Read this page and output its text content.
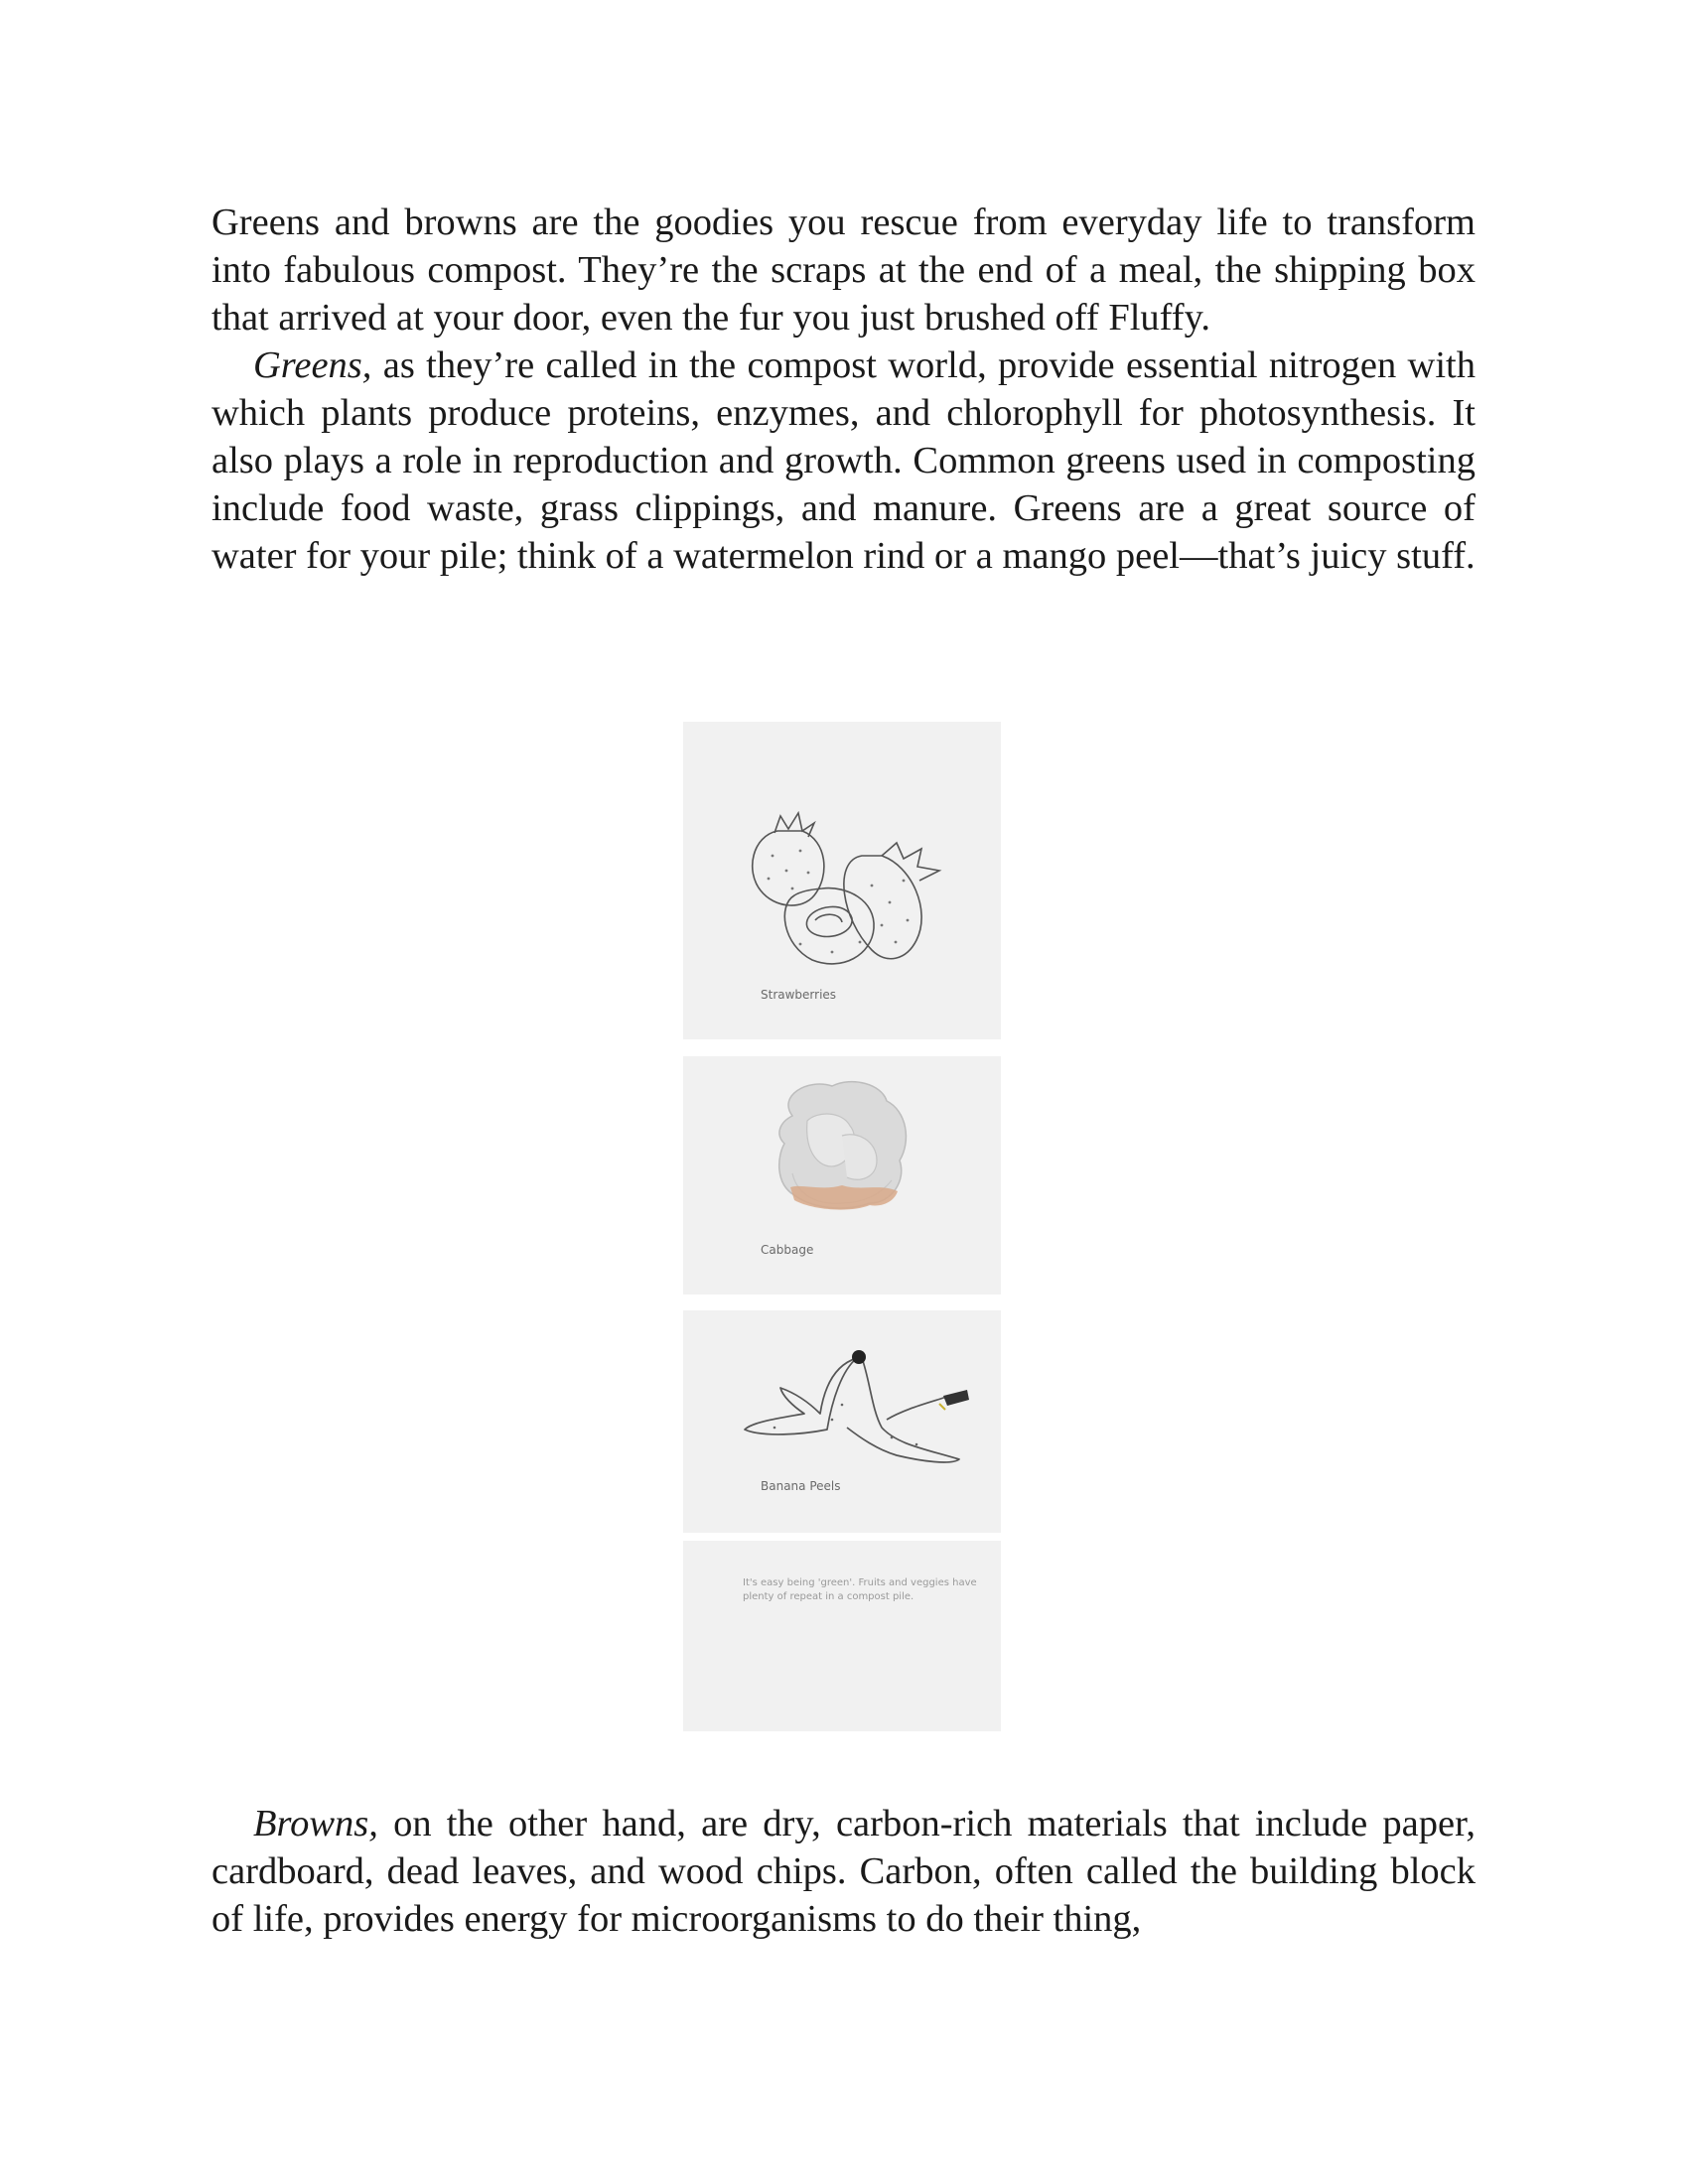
Greens and browns are the goodies you rescue from everyday life to transform into fabulous compost. They’re the scraps at the end of a meal, the shipping box that arrived at your door, even the fur you just brushed off Fluffy.

Greens, as they’re called in the compost world, provide essential nitrogen with which plants produce proteins, enzymes, and chlorophyll for photosynthesis. It also plays a role in reproduction and growth. Common greens used in composting include food waste, grass clippings, and manure. Greens are a great source of water for your pile; think of a watermelon rind or a mango peel—that’s juicy stuff.

Strawberries
Cabbage
Banana Peels
It's easy being 'green'. Fruits and veggies have plenty of repeat in a compost pile.

Browns, on the other hand, are dry, carbon-rich materials that include paper, cardboard, dead leaves, and wood chips. Carbon, often called the building block of life, provides energy for microorganisms to do their thing,
